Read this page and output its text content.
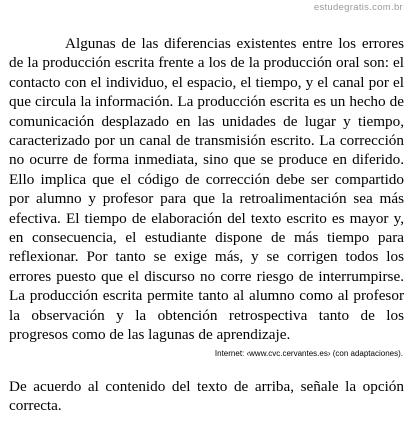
estudegratis.com.br

Algunas de las diferencias existentes entre los errores de la producción escrita frente a los de la producción oral son: el contacto con el individuo, el espacio, el tiempo, y el canal por el que circula la información. La producción escrita es un hecho de comunicación desplazado en las unidades de lugar y tiempo, caracterizado por un canal de transmisión escrito. La corrección no ocurre de forma inmediata, sino que se produce en diferido. Ello implica que el código de corrección debe ser compartido por alumno y profesor para que la retroalimentación sea más efectiva. El tiempo de elaboración del texto escrito es mayor y, en consecuencia, el estudiante dispone de más tiempo para reflexionar. Por tanto se exige más, y se corrigen todos los errores puesto que el discurso no corre riesgo de interrumpirse. La producción escrita permite tanto al alumno como al profesor la observación y la obtención retrospectiva tanto de los progresos como de las lagunas de aprendizaje.

Internet: ‹www.cvc.cervantes.es› (con adaptaciones).

De acuerdo al contenido del texto de arriba, señale la opción correcta.
